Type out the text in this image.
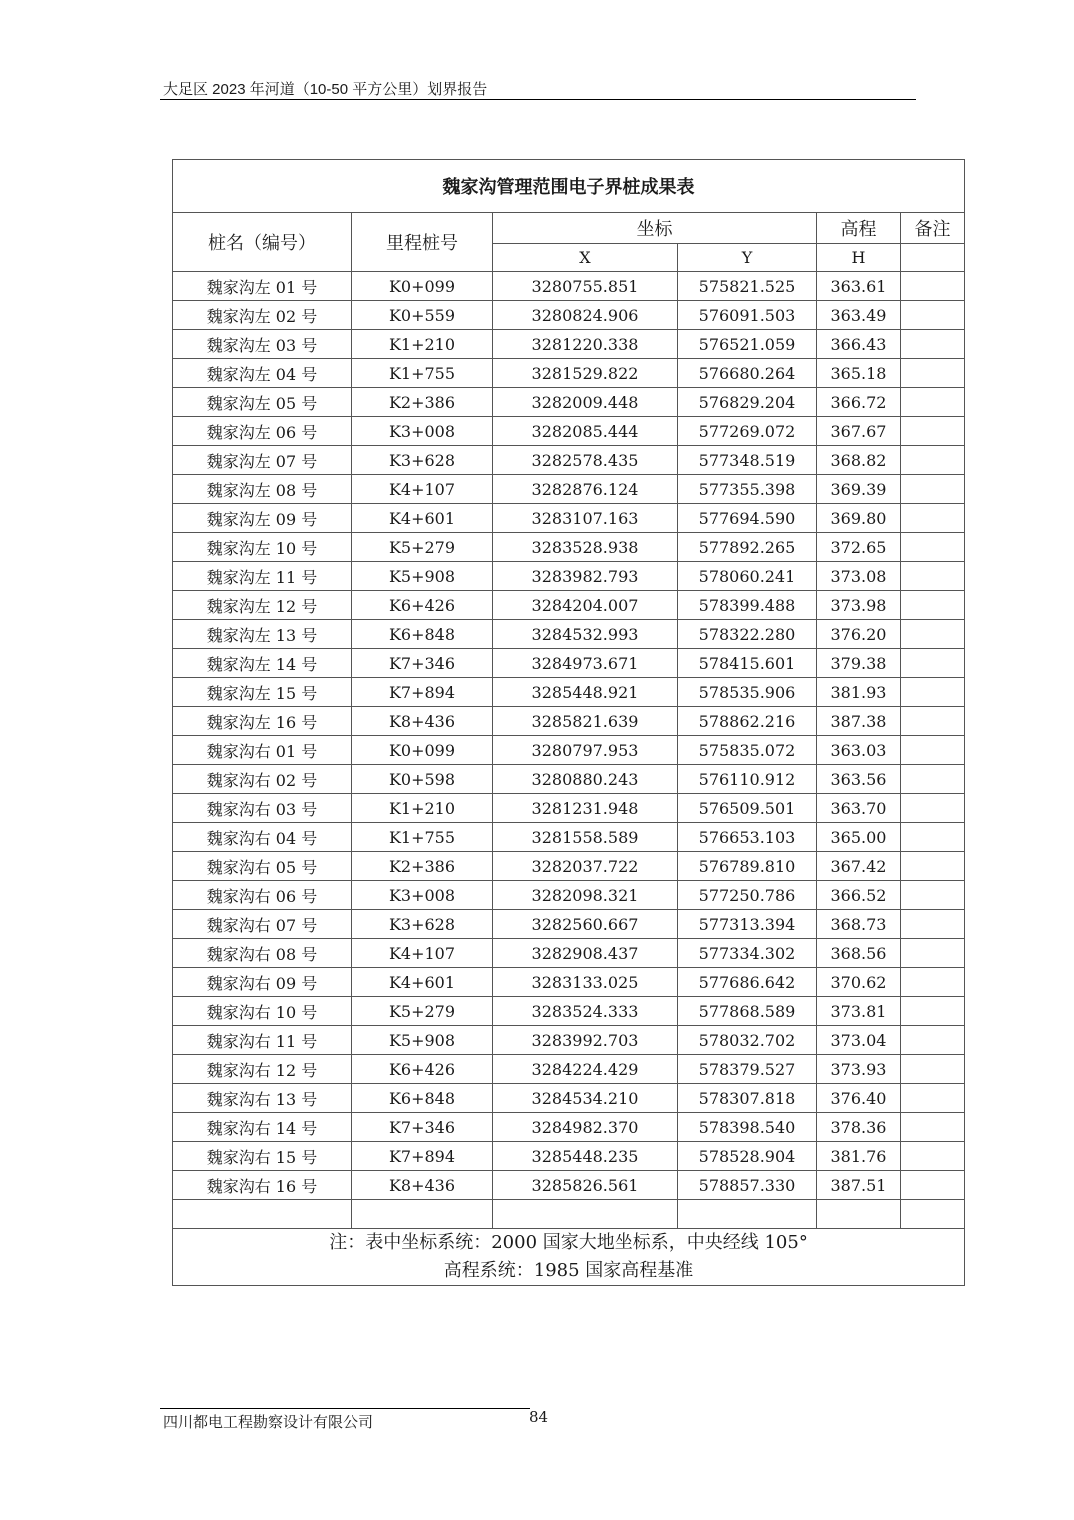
大足区 2023 年河道（10-50 平方公里）划界报告
魏家沟管理范围电子界桩成果表					
桩名（编号）	里程桩号	坐标		高程	备注
		X	Y	H	
魏家沟左 01 号	K0+099	3280755.851	575821.525	363.61	
魏家沟左 02 号	K0+559	3280824.906	576091.503	363.49	
魏家沟左 03 号	K1+210	3281220.338	576521.059	366.43	
魏家沟左 04 号	K1+755	3281529.822	576680.264	365.18	
魏家沟左 05 号	K2+386	3282009.448	576829.204	366.72	
魏家沟左 06 号	K3+008	3282085.444	577269.072	367.67	
魏家沟左 07 号	K3+628	3282578.435	577348.519	368.82	
魏家沟左 08 号	K4+107	3282876.124	577355.398	369.39	
魏家沟左 09 号	K4+601	3283107.163	577694.590	369.80	
魏家沟左 10 号	K5+279	3283528.938	577892.265	372.65	
魏家沟左 11 号	K5+908	3283982.793	578060.241	373.08	
魏家沟左 12 号	K6+426	3284204.007	578399.488	373.98	
魏家沟左 13 号	K6+848	3284532.993	578322.280	376.20	
魏家沟左 14 号	K7+346	3284973.671	578415.601	379.38	
魏家沟左 15 号	K7+894	3285448.921	578535.906	381.93	
魏家沟左 16 号	K8+436	3285821.639	578862.216	387.38	
魏家沟右 01 号	K0+099	3280797.953	575835.072	363.03	
魏家沟右 02 号	K0+598	3280880.243	576110.912	363.56	
魏家沟右 03 号	K1+210	3281231.948	576509.501	363.70	
魏家沟右 04 号	K1+755	3281558.589	576653.103	365.00	
魏家沟右 05 号	K2+386	3282037.722	576789.810	367.42	
魏家沟右 06 号	K3+008	3282098.321	577250.786	366.52	
魏家沟右 07 号	K3+628	3282560.667	577313.394	368.73	
魏家沟右 08 号	K4+107	3282908.437	577334.302	368.56	
魏家沟右 09 号	K4+601	3283133.025	577686.642	370.62	
魏家沟右 10 号	K5+279	3283524.333	577868.589	373.81	
魏家沟右 11 号	K5+908	3283992.703	578032.702	373.04	
魏家沟右 12 号	K6+426	3284224.429	578379.527	373.93	
魏家沟右 13 号	K6+848	3284534.210	578307.818	376.40	
魏家沟右 14 号	K7+346	3284982.370	578398.540	378.36	
魏家沟右 15 号	K7+894	3285448.235	578528.904	381.76	
魏家沟右 16 号	K8+436	3285826.561	578857.330	387.51	

注：表中坐标系统：2000 国家大地坐标系，中央经线 105°
高程系统：1985 国家高程基准					
四川都电工程勘察设计有限公司	84
